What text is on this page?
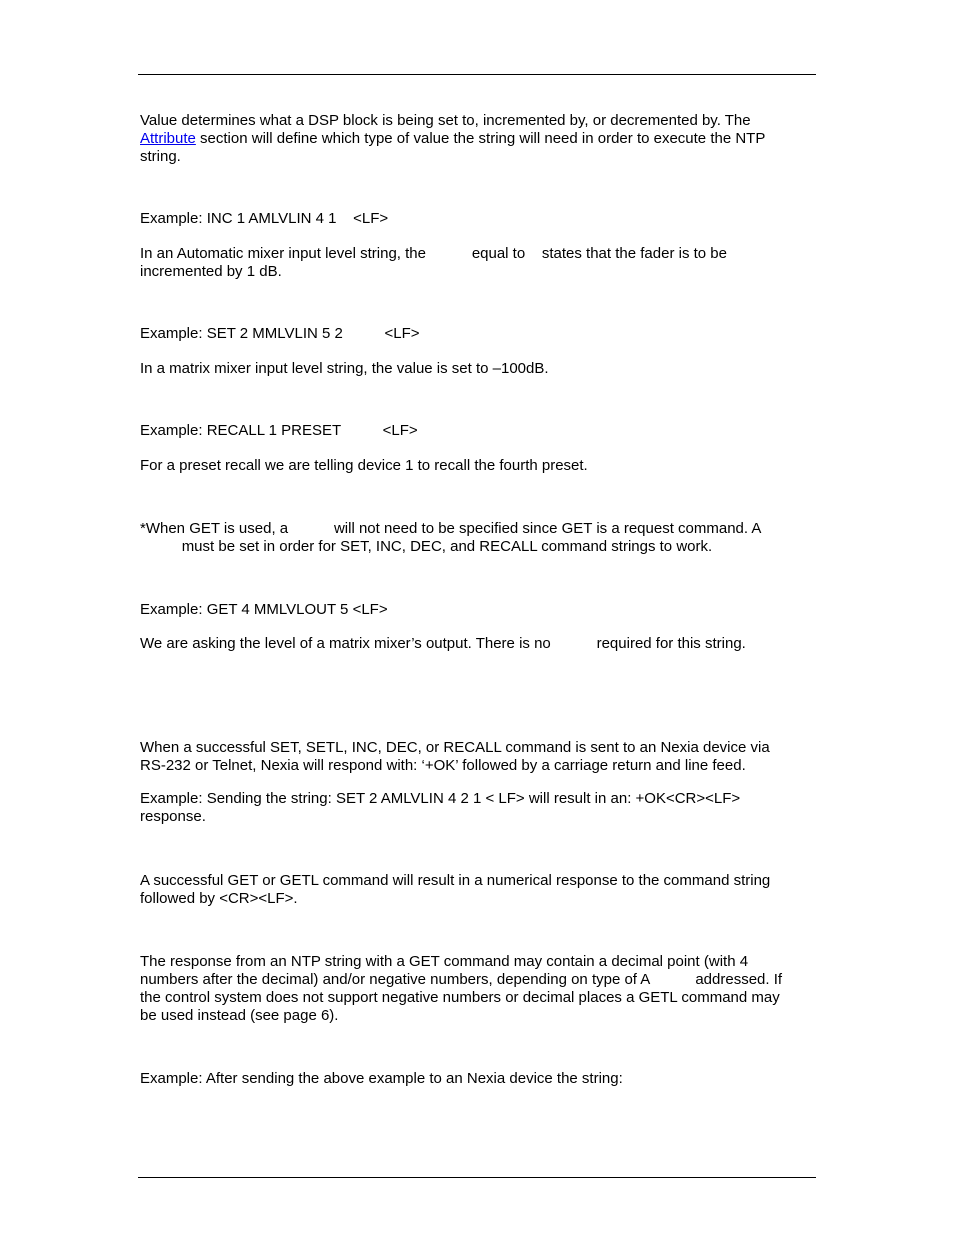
Value determines what a DSP block is being set to, incremented by, or decremented by. The
Attribute section will define which type of value the string will need in order to execute the NTP
string.

Example: INC 1 AMLVLIN 4 1    <LF>

In an Automatic mixer input level string, the           equal to    states that the fader is to be
incremented by 1 dB.

Example: SET 2 MMLVLIN 5 2          <LF>

In a matrix mixer input level string, the value is set to –100dB.

Example: RECALL 1 PRESET          <LF>

For a preset recall we are telling device 1 to recall the fourth preset.

*When GET is used, a           will not need to be specified since GET is a request command. A
must be set in order for SET, INC, DEC, and RECALL command strings to work.

Example: GET 4 MMLVLOUT 5 <LF>

We are asking the level of a matrix mixer’s output. There is no           required for this string.

When a successful SET, SETL, INC, DEC, or RECALL command is sent to an Nexia device via
RS-232 or Telnet, Nexia will respond with: ‘+OK’ followed by a carriage return and line feed.

Example: Sending the string: SET 2 AMLVLIN 4 2 1 < LF> will result in an: +OK<CR><LF>
response.

A successful GET or GETL command will result in a numerical response to the command string
followed by <CR><LF>.

The response from an NTP string with a GET command may contain a decimal point (with 4
numbers after the decimal) and/or negative numbers, depending on type of A           addressed. If
the control system does not support negative numbers or decimal places a GETL command may
be used instead (see page 6).

Example: After sending the above example to an Nexia device the string:
